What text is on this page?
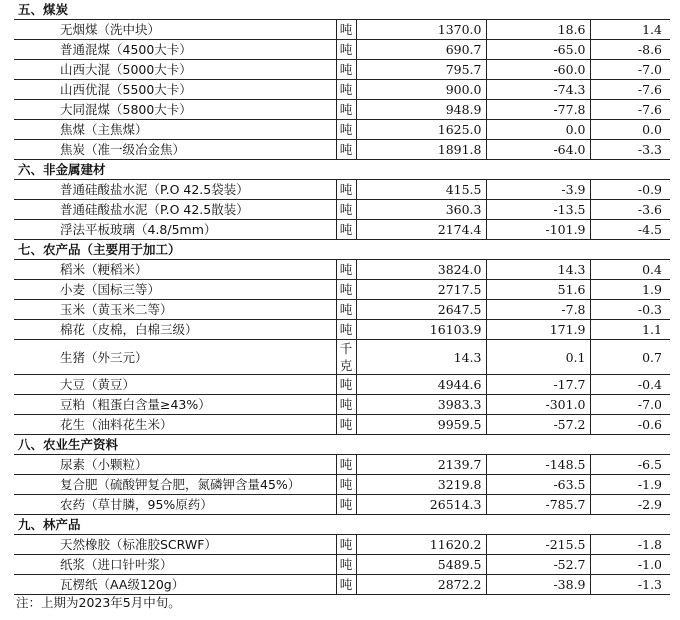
五、煤炭				
无烟煤（洗中块）	吨	1370.0	18.6	1.4
普通混煤（4500大卡）	吨	690.7	-65.0	-8.6
山西大混（5000大卡）	吨	795.7	-60.0	-7.0
山西优混（5500大卡）	吨	900.0	-74.3	-7.6
大同混煤（5800大卡）	吨	948.9	-77.8	-7.6
焦煤（主焦煤）	吨	1625.0	0.0	0.0
焦炭（准一级冶金焦）	吨	1891.8	-64.0	-3.3
六、非金属建材				
普通硅酸盐水泥（P.O 42.5袋装）	吨	415.5	-3.9	-0.9
普通硅酸盐水泥（P.O 42.5散装）	吨	360.3	-13.5	-3.6
浮法平板玻璃（4.8/5mm）	吨	2174.4	-101.9	-4.5
七、农产品（主要用于加工）				
稻米（粳稻米）	吨	3824.0	14.3	0.4
小麦（国标三等）	吨	2717.5	51.6	1.9
玉米（黄玉米二等）	吨	2647.5	-7.8	-0.3
棉花（皮棉，白棉三级）	吨	16103.9	171.9	1.1
生猪（外三元）	千克	14.3	0.1	0.7
大豆（黄豆）	吨	4944.6	-17.7	-0.4
豆粕（粗蛋白含量≥43%）	吨	3983.3	-301.0	-7.0
花生（油料花生米）	吨	9959.5	-57.2	-0.6
八、农业生产资料				
尿素（小颗粒）	吨	2139.7	-148.5	-6.5
复合肥（硫酸钾复合肥，氮磷钾含量45%）	吨	3219.8	-63.5	-1.9
农药（草甘膦，95%原药）	吨	26514.3	-785.7	-2.9
九、林产品				
天然橡胶（标准胶SCRWF）	吨	11620.2	-215.5	-1.8
纸浆（进口针叶浆）	吨	5489.5	-52.7	-1.0
瓦楞纸（AA级120g）	吨	2872.2	-38.9	-1.3
注：上期为2023年5月中旬。
